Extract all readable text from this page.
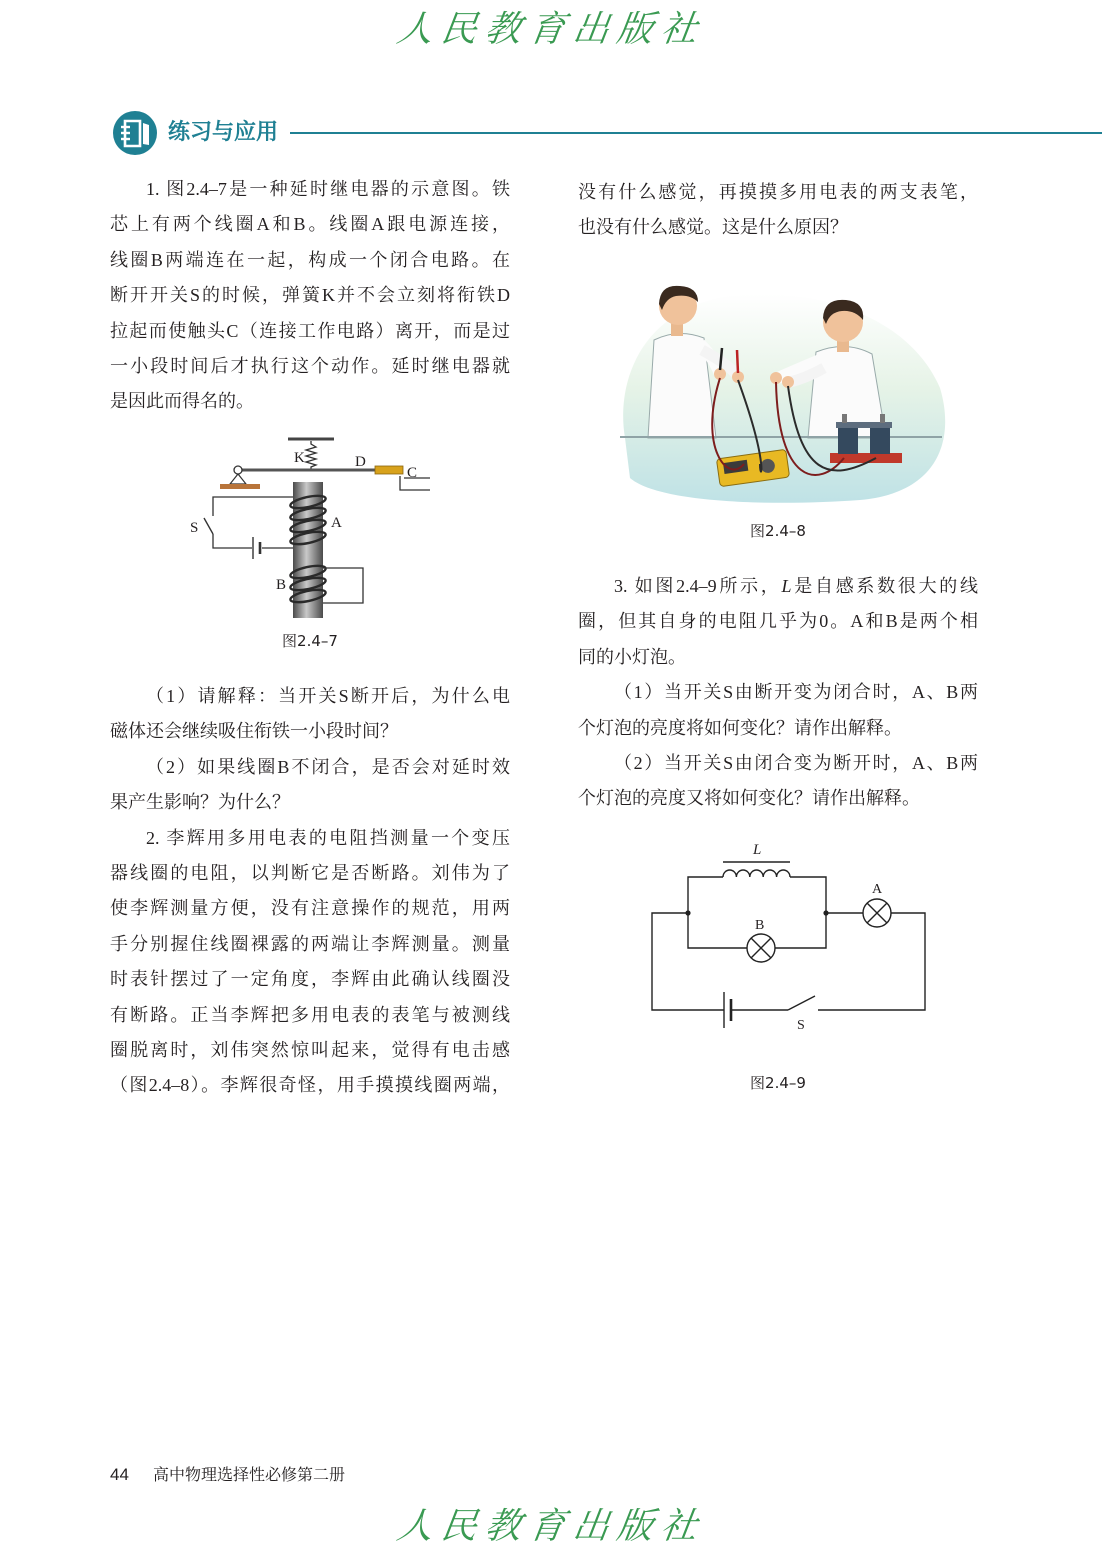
人民教育出版社
练习与应用
1. 图2.4–7是一种延时继电器的示意图。铁
芯上有两个线圈A和B。线圈A跟电源连接，
线圈B两端连在一起，构成一个闭合电路。在
断开开关S的时候，弹簧K并不会立刻将衔铁D
拉起而使触头C（连接工作电路）离开，而是过
一小段时间后才执行这个动作。延时继电器就
是因此而得名的。
K	D
C
A
S
B
图2.4–7
（1）请解释：当开关S断开后，为什么电
磁体还会继续吸住衔铁一小段时间？
（2）如果线圈B不闭合，是否会对延时效
果产生影响？为什么？
2. 李辉用多用电表的电阻挡测量一个变压
器线圈的电阻，以判断它是否断路。刘伟为了
使李辉测量方便，没有注意操作的规范，用两
手分别握住线圈裸露的两端让李辉测量。测量
时表针摆过了一定角度，李辉由此确认线圈没
有断路。正当李辉把多用电表的表笔与被测线
圈脱离时，刘伟突然惊叫起来，觉得有电击感
（图2.4–8）。李辉很奇怪，用手摸摸线圈两端，
没有什么感觉，再摸摸多用电表的两支表笔，
也没有什么感觉。这是什么原因？
图2.4–8
3. 如图2.4–9所示，L是自感系数很大的线
圈，但其自身的电阻几乎为0。A和B是两个相
同的小灯泡。
（1）当开关S由断开变为闭合时，A、B两
个灯泡的亮度将如何变化？请作出解释。
（2）当开关S由闭合变为断开时，A、B两
个灯泡的亮度又将如何变化？请作出解释。
L
A
B
S
图2.4–9
44 高中物理选择性必修第二册
人民教育出版社
